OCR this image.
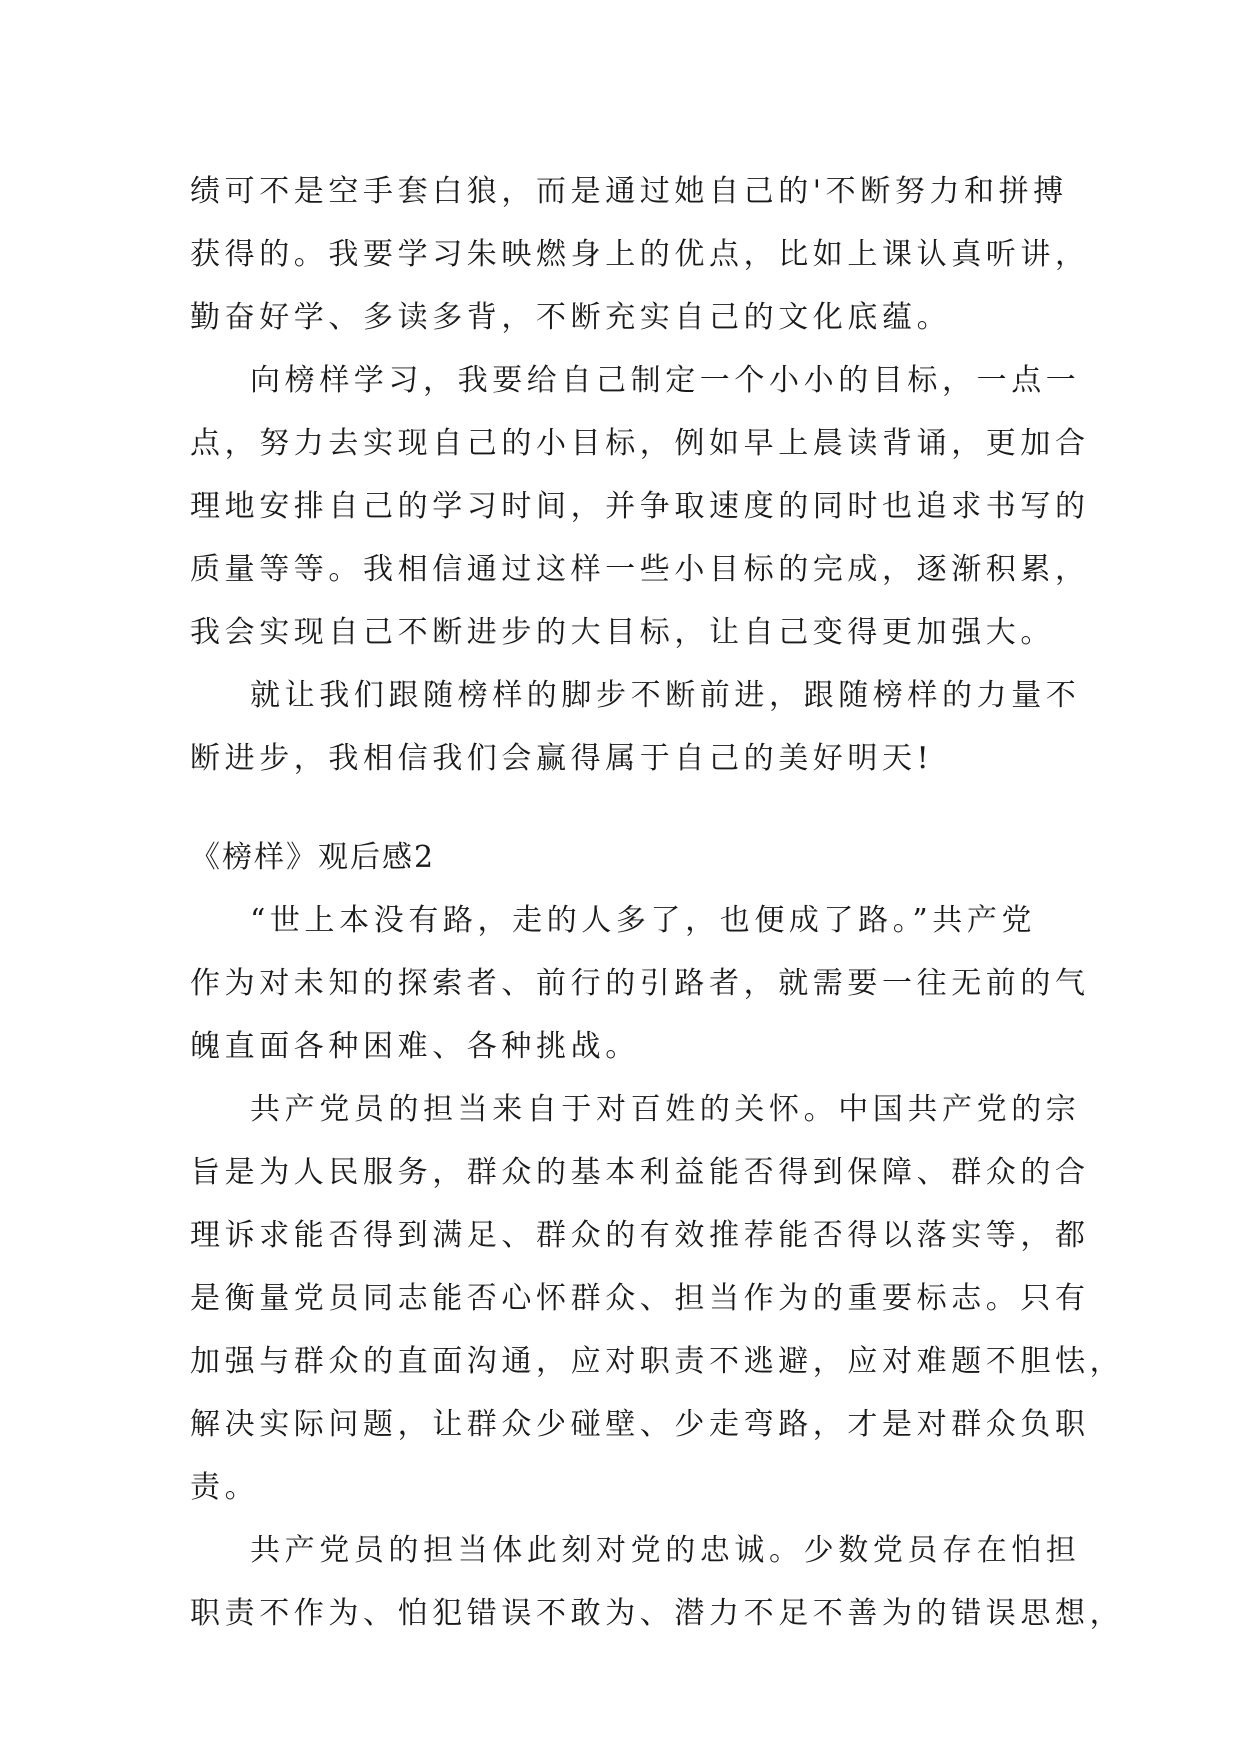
绩可不是空手套白狼，而是通过她自己的'不断努力和拼搏
获得的。我要学习朱映燃身上的优点，比如上课认真听讲，
勤奋好学、多读多背，不断充实自己的文化底蕴。

向榜样学习，我要给自己制定一个小小的目标，一点一
点，努力去实现自己的小目标，例如早上晨读背诵，更加合
理地安排自己的学习时间，并争取速度的同时也追求书写的
质量等等。我相信通过这样一些小目标的完成，逐渐积累，
我会实现自己不断进步的大目标，让自己变得更加强大。

就让我们跟随榜样的脚步不断前进，跟随榜样的力量不
断进步，我相信我们会赢得属于自己的美好明天!

《榜样》观后感2

“世上本没有路，走的人多了，也便成了路。”共产党
作为对未知的探索者、前行的引路者，就需要一往无前的气
魄直面各种困难、各种挑战。

共产党员的担当来自于对百姓的关怀。中国共产党的宗
旨是为人民服务，群众的基本利益能否得到保障、群众的合
理诉求能否得到满足、群众的有效推荐能否得以落实等，都
是衡量党员同志能否心怀群众、担当作为的重要标志。只有
加强与群众的直面沟通，应对职责不逃避，应对难题不胆怯，
解决实际问题，让群众少碰壁、少走弯路，才是对群众负职
责。

共产党员的担当体此刻对党的忠诚。少数党员存在怕担
职责不作为、怕犯错误不敢为、潜力不足不善为的错误思想，
